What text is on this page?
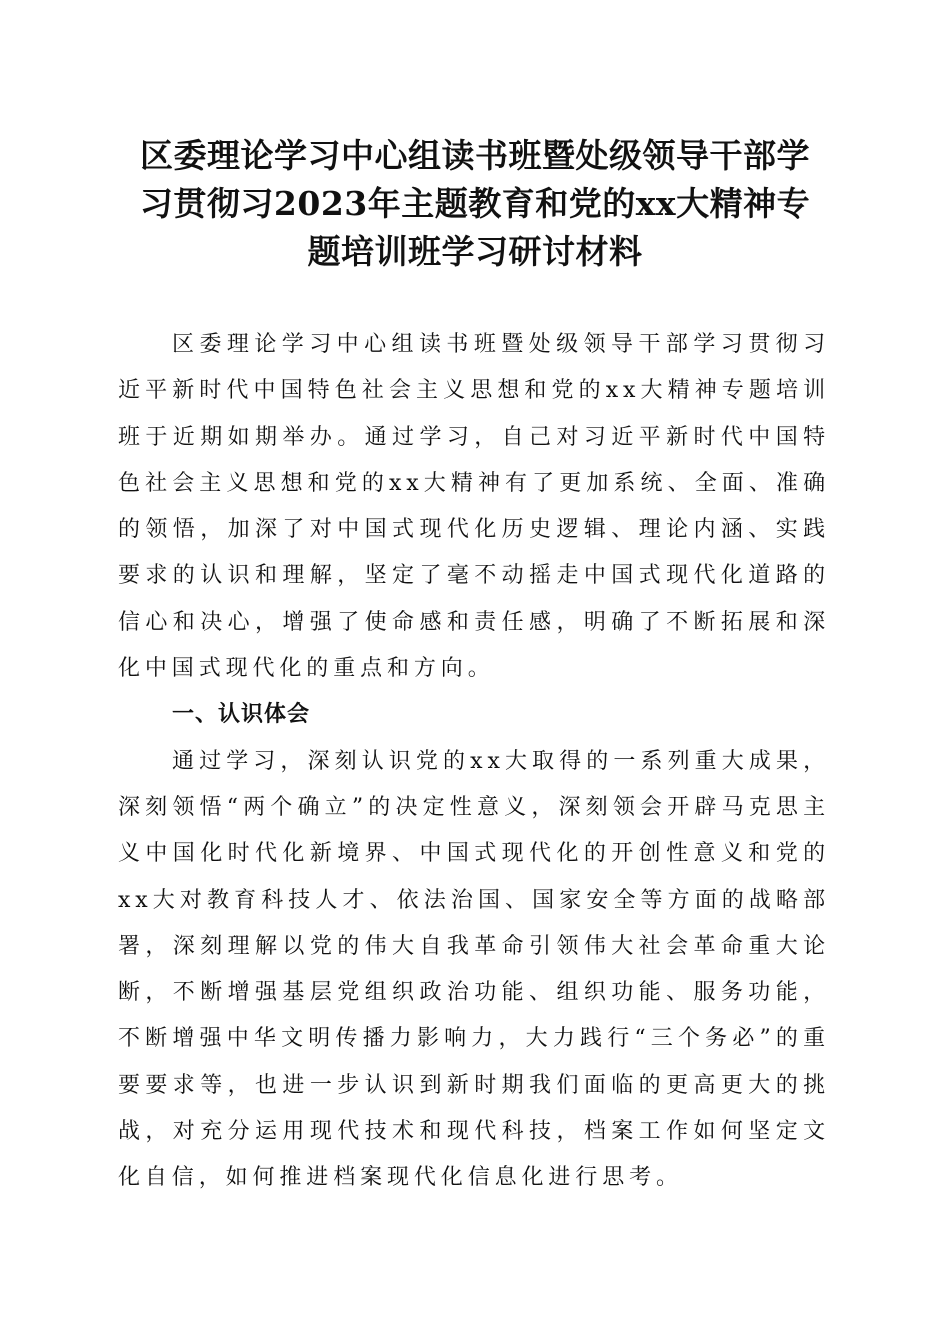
区委理论学习中心组读书班暨处级领导干部学
习贯彻习2023年主题教育和党的xx大精神专
题培训班学习研讨材料

区委理论学习中心组读书班暨处级领导干部学习贯彻习近平新时代中国特色社会主义思想和党的xx大精神专题培训班于近期如期举办。通过学习，自己对习近平新时代中国特色社会主义思想和党的xx大精神有了更加系统、全面、准确的领悟，加深了对中国式现代化历史逻辑、理论内涵、实践要求的认识和理解，坚定了毫不动摇走中国式现代化道路的信心和决心，增强了使命感和责任感，明确了不断拓展和深化中国式现代化的重点和方向。

一、认识体会

通过学习，深刻认识党的xx大取得的一系列重大成果，深刻领悟“两个确立”的决定性意义，深刻领会开辟马克思主义中国化时代化新境界、中国式现代化的开创性意义和党的xx大对教育科技人才、依法治国、国家安全等方面的战略部署，深刻理解以党的伟大自我革命引领伟大社会革命重大论断，不断增强基层党组织政治功能、组织功能、服务功能，不断增强中华文明传播力影响力，大力践行“三个务必”的重要要求等，也进一步认识到新时期我们面临的更高更大的挑战，对充分运用现代技术和现代科技，档案工作如何坚定文化自信，如何推进档案现代化信息化进行思考。
